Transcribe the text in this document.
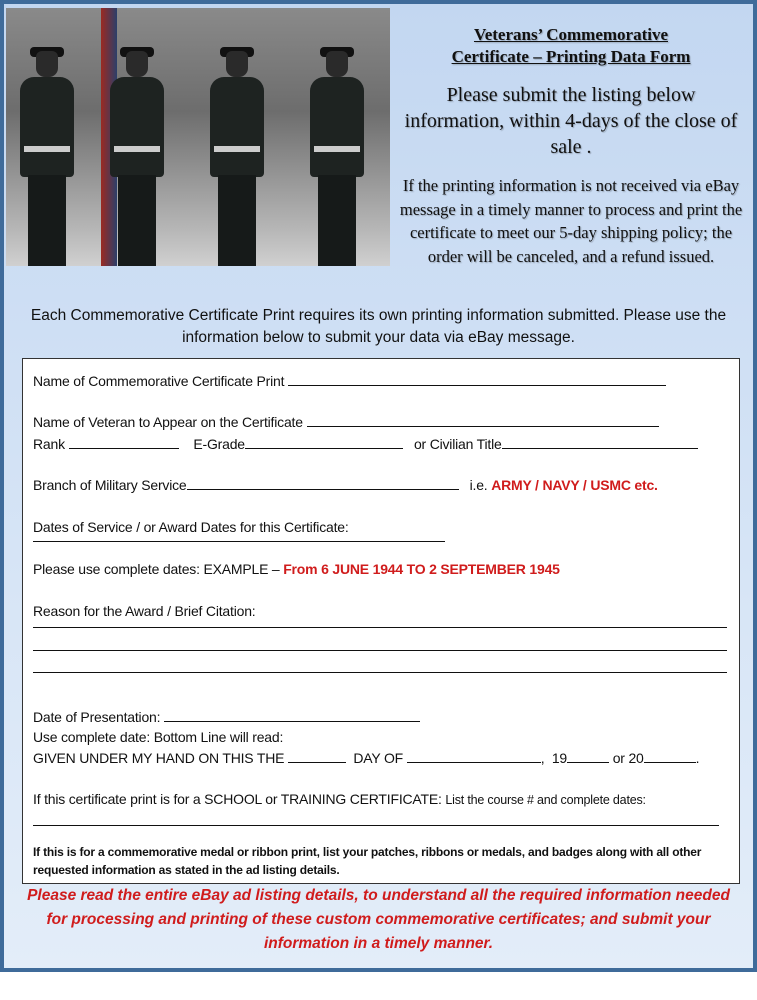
Veterans’ Commemorative
Certificate – Printing Data Form
Please submit the listing below information, within 4-days of the close of sale .
If the printing information is not received via eBay message in a timely manner to process and print the certificate to meet our 5-day shipping policy; the order will be canceled, and a refund issued.
Each Commemorative Certificate Print requires its own printing information submitted. Please use the information below to submit your data via eBay message.
Name of Commemorative Certificate Print
Name of Veteran to Appear on the Certificate
Rank	E-Grade	or Civilian Title
Branch of Military Service	i.e. ARMY / NAVY / USMC etc.
Dates of Service / or Award Dates for this Certificate:
Please use complete dates: EXAMPLE – From 6 JUNE 1944 TO 2 SEPTEMBER 1945
Reason for the Award / Brief Citation:
Date of Presentation:
Use complete date: Bottom Line will read:
GIVEN UNDER MY HAND ON THIS THE	DAY OF	,  19	or 20	.
If this certificate print is for a SCHOOL or TRAINING CERTIFICATE: List the course # and complete dates:
If this is for a commemorative medal or ribbon print, list your patches, ribbons or medals, and badges along with all other requested information as stated in the ad listing details.
Please read the entire eBay ad listing details, to understand all the required information needed for processing and printing of these custom commemorative certificates; and submit your information in a timely manner.
